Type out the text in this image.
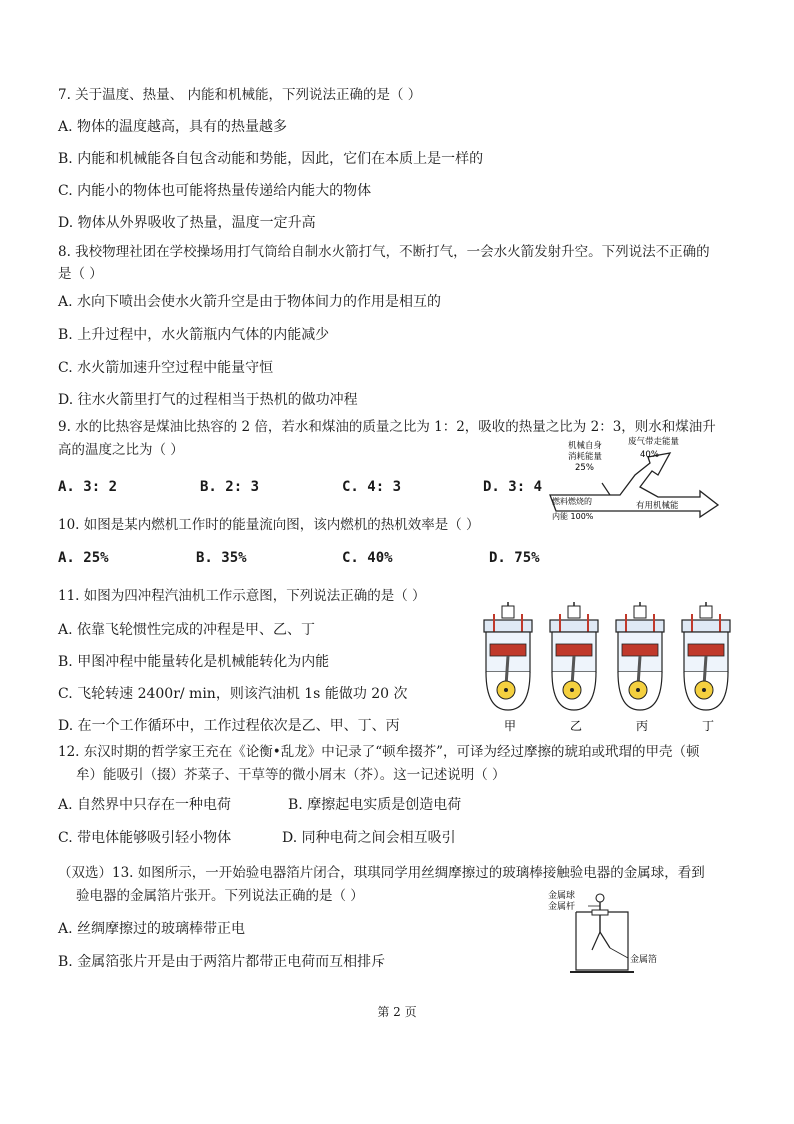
7. 关于温度、热量、 内能和机械能，下列说法正确的是（ ）
A. 物体的温度越高，具有的热量越多
B. 内能和机械能各自包含动能和势能，因此，它们在本质上是一样的
C. 内能小的物体也可能将热量传递给内能大的物体
D. 物体从外界吸收了热量，温度一定升高
8. 我校物理社团在学校操场用打气筒给自制水火箭打气，不断打气，一会水火箭发射升空。下列说法不正确的
是（ ）
A. 水向下喷出会使水火箭升空是由于物体间力的作用是相互的
B. 上升过程中，水火箭瓶内气体的内能减少
C. 水火箭加速升空过程中能量守恒
D. 往水火箭里打气的过程相当于热机的做功冲程
9. 水的比热容是煤油比热容的 2 倍，若水和煤油的质量之比为 1：2，吸收的热量之比为 2：3，则水和煤油升
高的温度之比为（ ）
A. 3: 2	B. 2: 3	C. 4: 3	D. 3: 4
机械自身
消耗能量
25%
废气带走能量
40%
燃料燃烧的
内能 100%
有用机械能
10. 如图是某内燃机工作时的能量流向图，该内燃机的热机效率是（ ）
A. 25%	B. 35%	C. 40%	D. 75%
11. 如图为四冲程汽油机工作示意图，下列说法正确的是（ ）
A. 依靠飞轮惯性完成的冲程是甲、乙、丁
B. 甲图冲程中能量转化是机械能转化为内能
C. 飞轮转速 2400r/ min，则该汽油机 1s 能做功 20 次
D. 在一个工作循环中，工作过程依次是乙、甲、丁、丙	甲	乙	丙	丁
12. 东汉时期的哲学家王充在《论衡•乱龙》中记录了“顿牟掇芥”，可译为经过摩擦的琥珀或玳瑁的甲壳（顿
牟）能吸引（掇）芥菜子、干草等的微小屑末（芥）。这一记述说明（ ）
A. 自然界中只存在一种电荷	B. 摩擦起电实质是创造电荷
C. 带电体能够吸引轻小物体	D. 同种电荷之间会相互吸引
（双选）13. 如图所示，一开始验电器箔片闭合，琪琪同学用丝绸摩擦过的玻璃棒接触验电器的金属球，看到
验电器的金属箔片张开。下列说法正确的是（ ）
A. 丝绸摩擦过的玻璃棒带正电
B. 金属箔张片开是由于两箔片都带正电荷而互相排斥
金属球
金属杆
金属箔
第 2 页
